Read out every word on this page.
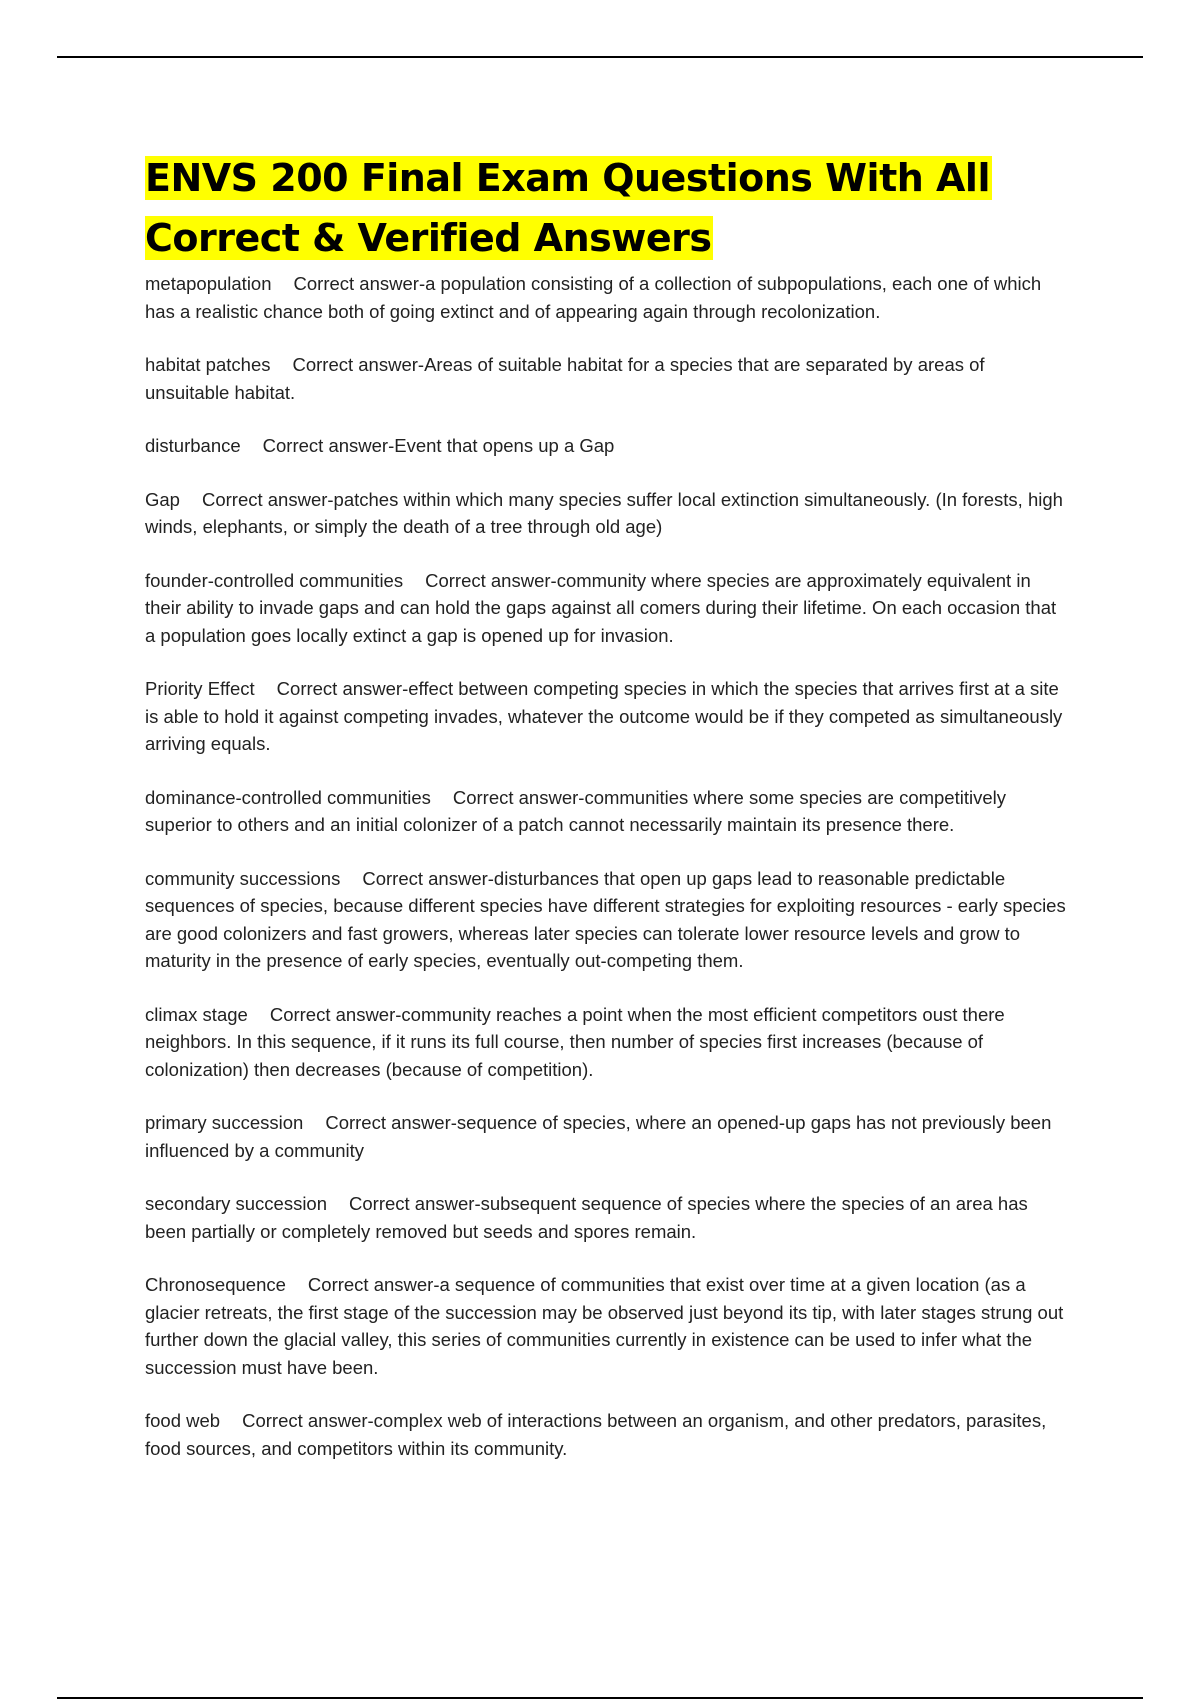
ENVS 200 Final Exam Questions With All
Correct & Verified Answers

metapopulation Correct answer-a population consisting of a collection of subpopulations, each one of which has a realistic chance both of going extinct and of appearing again through recolonization.

habitat patches Correct answer-Areas of suitable habitat for a species that are separated by areas of unsuitable habitat.

disturbance Correct answer-Event that opens up a Gap

Gap Correct answer-patches within which many species suffer local extinction simultaneously. (In forests, high winds, elephants, or simply the death of a tree through old age)

founder-controlled communities Correct answer-community where species are approximately equivalent in their ability to invade gaps and can hold the gaps against all comers during their lifetime. On each occasion that a population goes locally extinct a gap is opened up for invasion.

Priority Effect Correct answer-effect between competing species in which the species that arrives first at a site is able to hold it against competing invades, whatever the outcome would be if they competed as simultaneously arriving equals.

dominance-controlled communities Correct answer-communities where some species are competitively superior to others and an initial colonizer of a patch cannot necessarily maintain its presence there.

community successions Correct answer-disturbances that open up gaps lead to reasonable predictable sequences of species, because different species have different strategies for exploiting resources - early species are good colonizers and fast growers, whereas later species can tolerate lower resource levels and grow to maturity in the presence of early species, eventually out-competing them.

climax stage Correct answer-community reaches a point when the most efficient competitors oust there neighbors. In this sequence, if it runs its full course, then number of species first increases (because of colonization) then decreases (because of competition).

primary succession Correct answer-sequence of species, where an opened-up gaps has not previously been influenced by a community

secondary succession Correct answer-subsequent sequence of species where the species of an area has been partially or completely removed but seeds and spores remain.

Chronosequence Correct answer-a sequence of communities that exist over time at a given location (as a glacier retreats, the first stage of the succession may be observed just beyond its tip, with later stages strung out further down the glacial valley, this series of communities currently in existence can be used to infer what the succession must have been.

food web Correct answer-complex web of interactions between an organism, and other predators, parasites, food sources, and competitors within its community.
